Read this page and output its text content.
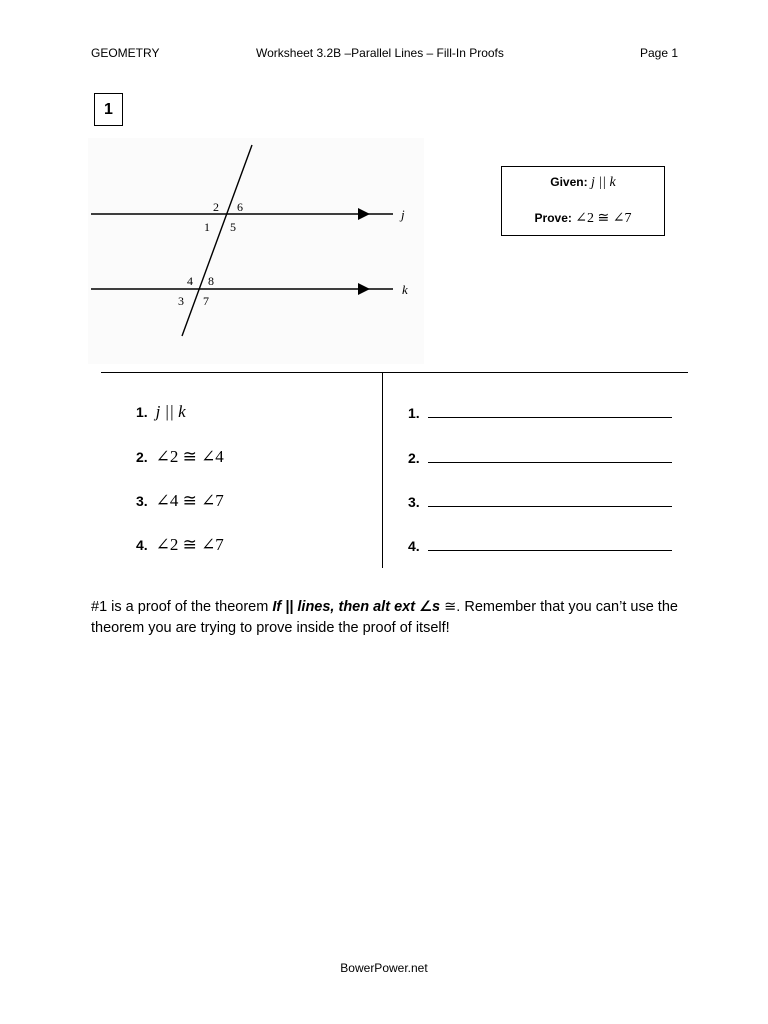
GEOMETRY	Worksheet 3.2B –Parallel Lines – Fill-In Proofs	Page 1
1
j
k
2 6
1 5
4 8
3 7
Given: j || k
Prove: ∠2 ≅ ∠7
1. j || k
2. ∠2 ≅ ∠4
3. ∠4 ≅ ∠7
4. ∠2 ≅ ∠7
1.
2.
3.
4.
#1 is a proof of the theorem If || lines, then alt ext ∠s ≅. Remember that you can’t use the theorem you are trying to prove inside the proof of itself!
BowerPower.net
